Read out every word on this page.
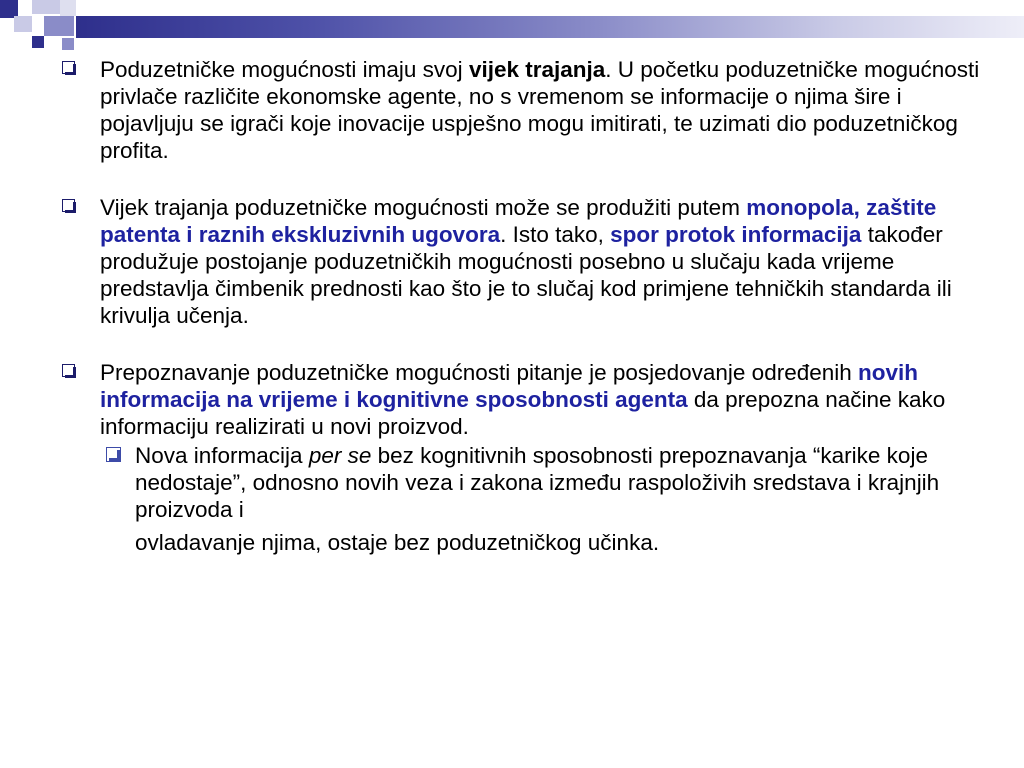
Poduzetničke mogućnosti imaju svoj vijek trajanja. U početku poduzetničke mogućnosti privlače različite ekonomske agente, no s vremenom se informacije o njima šire i pojavljuju se igrači koje inovacije uspješno mogu imitirati, te uzimati dio poduzetničkog profita.
Vijek trajanja poduzetničke mogućnosti može se produžiti putem monopola, zaštite patenta i raznih ekskluzivnih ugovora. Isto tako, spor protok informacija također produžuje postojanje poduzetničkih mogućnosti posebno u slučaju kada vrijeme predstavlja čimbenik prednosti kao što je to slučaj kod primjene tehničkih standarda ili krivulja učenja.
Prepoznavanje poduzetničke mogućnosti pitanje je posjedovanje određenih novih informacija na vrijeme i kognitivne sposobnosti agenta da prepozna načine kako informaciju realizirati u novi proizvod.
Nova informacija per se bez kognitivnih sposobnosti prepoznavanja “karike koje nedostaje”, odnosno novih veza i zakona između raspoloživih sredstava i krajnjih proizvoda i
ovladavanje njima, ostaje bez poduzetničkog učinka.
